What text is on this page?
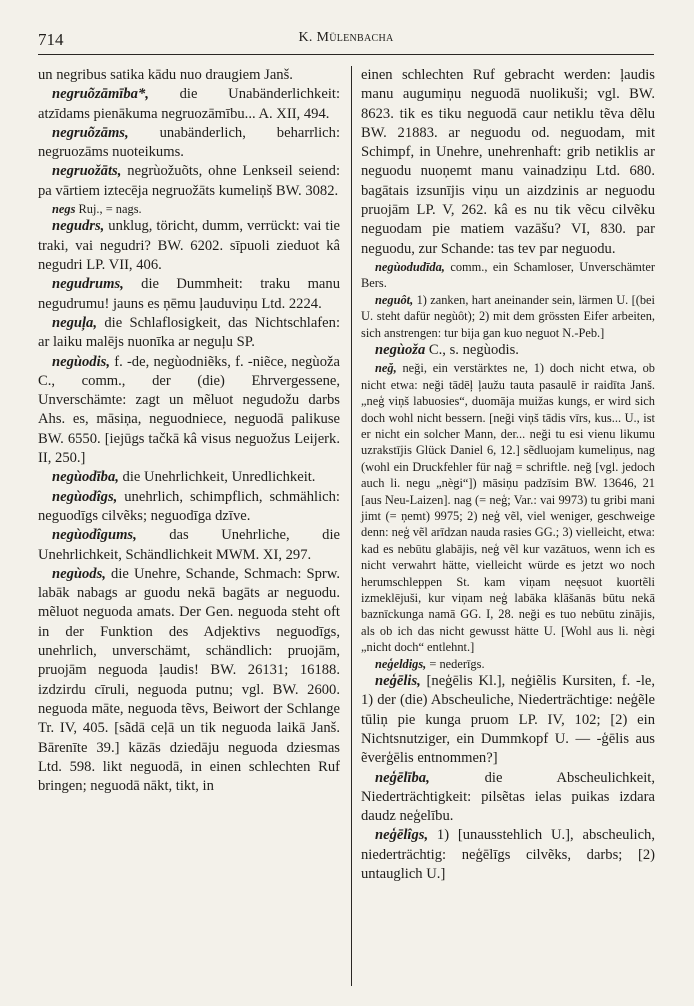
714	K. Mülenbacha

un negribus satika kādu nuo draugiem Janš.

negruõzāmība*, die Unabänderlichkeit: atzīdams pienākuma negruozāmību... A. XII, 494.

negruõzāms, unabänderlich, beharrlich: negruozāms nuoteikums.

negruožāts, negrùožuõts, ohne Lenkseil seiend: pa vārtiem iztecēja negruožāts kumeliņš BW. 3082.

negs Ruj., = nags.

negudrs, unklug, töricht, dumm, verrückt: vai tie traki, vai negudri? BW. 6202. sīpuoli zieduot kâ negudri LP. VII, 406.

negudrums, die Dummheit: traku manu negudrumu! jauns es ņēmu ļauduviņu Ltd. 2224.

neguļa, die Schlaflosigkeit, das Nichtschlafen: ar laiku malējs nuonīka ar neguļu SP.

negùodis, f. -de, negùodniẽks, f. -niẽce, negùoža C., comm., der (die) Ehrvergessene, Unverschämte: zagt un mẽluot negudožu darbs Ahs. es, māsiņa, neguodniece, neguodā palikuse BW. 6550. [iejūgs tačkā kâ visus neguožus Leijerk. II, 250.]

negùodība, die Unehrlichkeit, Unredlichkeit.

negùodîgs, unehrlich, schimpflich, schmählich: neguodīgs cilvẽks; neguodīga dzīve.

negùodîgums, das Unehrliche, die Unehrlichkeit, Schändlichkeit MWM. XI, 297.

negùods, die Unehre, Schande, Schmach: Sprw. labāk nabags ar guodu nekā bagāts ar neguodu. mẽluot neguoda amats. Der Gen. neguoda steht oft in der Funktion des Adjektivs neguodīgs, unehrlich, unverschämt, schändlich: pruojām, pruojām neguoda ļaudis! BW. 26131; 16188. izdzirdu cīruli, neguoda putnu; vgl. BW. 2600. neguoda māte, neguoda tẽvs, Beiwort der Schlange Tr. IV, 405. [sãdā ceļā un tik neguoda laikā Janš. Bārenīte 39.] kāzās dziedāju neguoda dziesmas Ltd. 598. likt neguodā, in einen schlechten Ruf bringen; neguodā nākt, tikt, in

einen schlechten Ruf gebracht werden: ļaudis manu augumiņu neguodā nuolikuši; vgl. BW. 8623. tik es tiku neguodā caur netiklu tẽva dẽlu BW. 21883. ar neguodu od. neguodam, mit Schimpf, in Unehre, unehrenhaft: grib netiklis ar neguodu nuoņemt manu vainadziņu Ltd. 680. bagātais izsunījis viņu un aizdzinis ar neguodu pruojām LP. V, 262. kâ es nu tik vẽcu cilvẽku neguodam pie matiem vazāšu? VI, 830. par neguodu, zur Schande: tas tev par neguodu.

negùodudīda, comm., ein Schamloser, Unverschämter Bers.

neguôt, 1) zanken, hart aneinander sein, lärmen U. [(bei U. steht dafür negùôt); 2) mit dem grössten Eifer arbeiten, sich anstrengen: tur bija gan kuo neguot N.-Peb.]

negùoža C., s. negùodis.

neğ, neği, ein verstärktes ne, 1) doch nicht etwa, ob nicht etwa: neği tādēļ ļaužu tauta pasaulē ir raidīta Janš. „neģ viņš labuosies“, duomāja muižas kungs, er wird sich doch wohl nicht bessern. [neği viņš tādis vīrs, kus... U., ist er nicht ein solcher Mann, der... neği tu esi vienu likumu uzrakstījis Glück Daniel 6, 12.] sẽdluojam kumeliņus, nag (wohl ein Druckfehler für nağ = schriftle. neğ [vgl. jedoch auch li. negu „nègi“]) māsiņu padzīsim BW. 13646, 21 [aus Neu-Laizen]. nag (= neģ; Var.: vai 9973) tu gribi mani jimt (= ņemt) 9975; 2) neģ vẽl, viel weniger, geschweige denn: neģ vẽl arīdzan nauda rasies GG.; 3) vielleicht, etwa: kad es nebūtu glabājis, neģ vẽl kur vazātuos, wenn ich es nicht verwahrt hätte, vielleicht würde es jetzt wo noch herumschleppen St. kam viņam neęsuot kuortẽli izmeklējuši, kur viņam neģ labāka klāšanās būtu nekā baznīckunga namā GG. I, 28. neği es tuo nebūtu zinājis, als ob ich das nicht gewusst hätte U. [Wohl aus li. nègi „nicht doch“ entlehnt.]

neģeldigs, = nederīgs.

neģēlis, [neģēlis Kl.], neģiẽlis Kursiten, f. -le, 1) der (die) Abscheuliche, Niederträchtige: neģẽle tūliņ pie kunga pruom LP. IV, 102; [2) ein Nichtsnutziger, ein Dummkopf U. — -ģēlis aus ẽverģēlis entnommen?]

neģēlība, die Abscheulichkeit, Niederträchtigkeit: pilsẽtas ielas puikas izdara daudz neģelību.

neģēlîgs, 1) [unausstehlich U.], abscheulich, niederträchtig: neģēlīgs cilvẽks, darbs; [2) untauglich U.]
